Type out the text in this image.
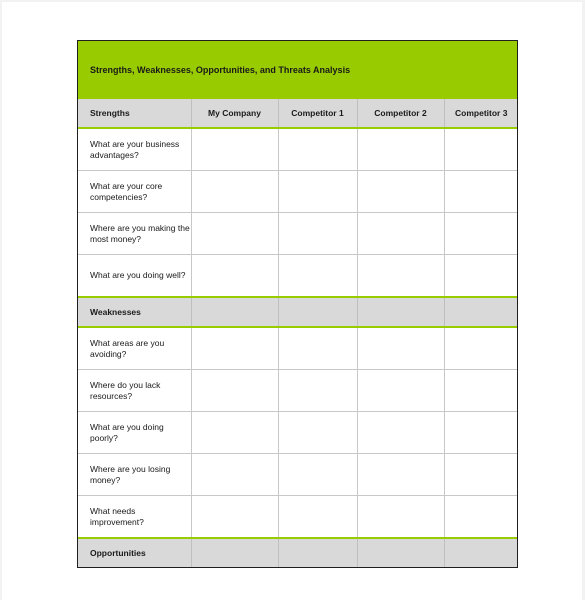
Strengths, Weaknesses, Opportunities, and Threats Analysis
Strengths	My Company	Competitor 1	Competitor 2	Competitor 3
What are your business advantages?				
What are your core competencies?				
Where are you making the most money?				
What are you doing well?				
Weaknesses				
What areas are you avoiding?				
Where do you lack resources?				
What are you doing poorly?				
Where are you losing money?				
What needs improvement?				
Opportunities				
